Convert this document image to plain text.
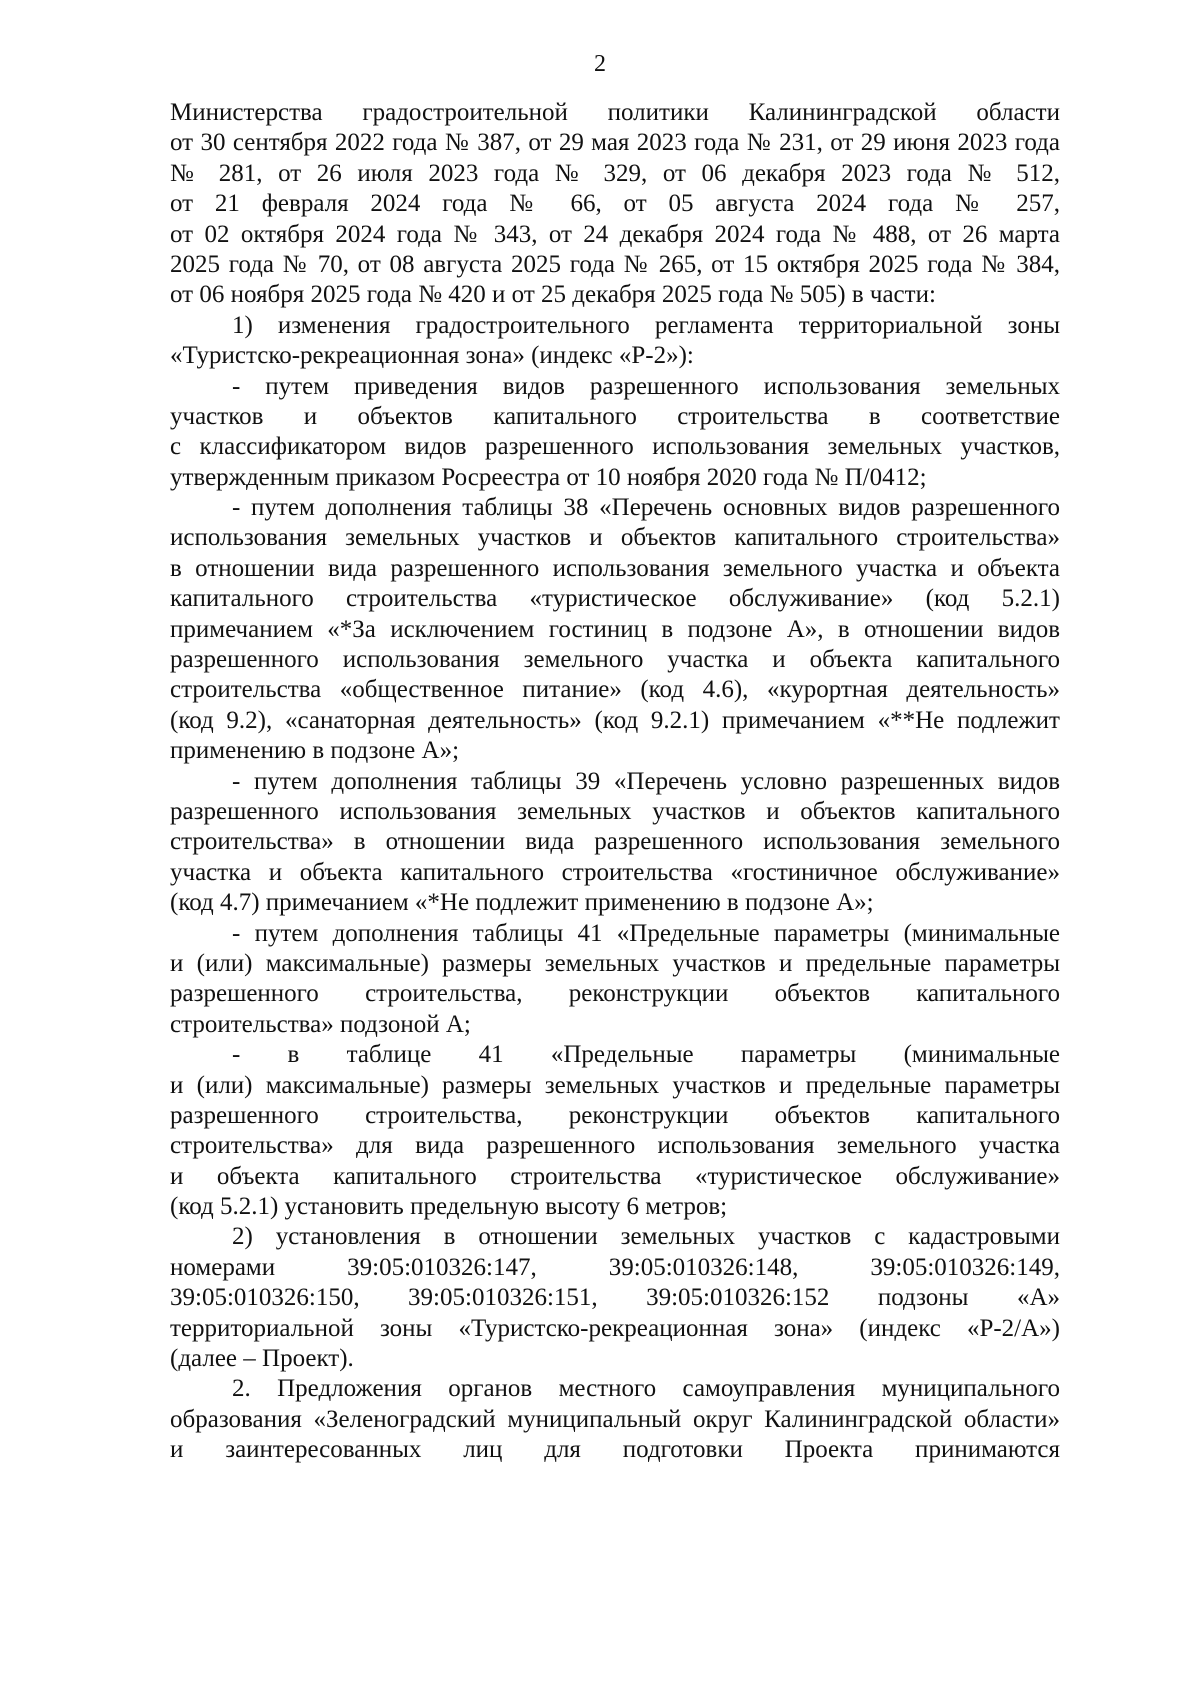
2
Министерства градостроительной политики Калининградской области
от 30 сентября 2022 года № 387, от 29 мая 2023 года № 231, от 29 июня 2023 года
№ 281, от 26 июля 2023 года № 329, от 06 декабря 2023 года № 512,
от 21 февраля 2024 года № 66, от 05 августа 2024 года № 257,
от 02 октября 2024 года № 343, от 24 декабря 2024 года № 488, от 26 марта
2025 года № 70, от 08 августа 2025 года № 265, от 15 октября 2025 года № 384,
от 06 ноября 2025 года № 420 и от 25 декабря 2025 года № 505) в части:
1) изменения градостроительного регламента территориальной зоны
«Туристско-рекреационная зона» (индекс «Р-2»):
- путем приведения видов разрешенного использования земельных
участков и объектов капитального строительства в соответствие
с классификатором видов разрешенного использования земельных участков,
утвержденным приказом Росреестра от 10 ноября 2020 года № П/0412;
- путем дополнения таблицы 38 «Перечень основных видов разрешенного
использования земельных участков и объектов капитального строительства»
в отношении вида разрешенного использования земельного участка и объекта
капитального строительства «туристическое обслуживание» (код 5.2.1)
примечанием «*За исключением гостиниц в подзоне А», в отношении видов
разрешенного использования земельного участка и объекта капитального
строительства «общественное питание» (код 4.6), «курортная деятельность»
(код 9.2), «санаторная деятельность» (код 9.2.1) примечанием «**Не подлежит
применению в подзоне А»;
- путем дополнения таблицы 39 «Перечень условно разрешенных видов
разрешенного использования земельных участков и объектов капитального
строительства» в отношении вида разрешенного использования земельного
участка и объекта капитального строительства «гостиничное обслуживание»
(код 4.7) примечанием «*Не подлежит применению в подзоне А»;
- путем дополнения таблицы 41 «Предельные параметры (минимальные
и (или) максимальные) размеры земельных участков и предельные параметры
разрешенного строительства, реконструкции объектов капитального
строительства» подзоной А;
- в таблице 41 «Предельные параметры (минимальные
и (или) максимальные) размеры земельных участков и предельные параметры
разрешенного строительства, реконструкции объектов капитального
строительства» для вида разрешенного использования земельного участка
и объекта капитального строительства «туристическое обслуживание»
(код 5.2.1) установить предельную высоту 6 метров;
2) установления в отношении земельных участков с кадастровыми
номерами 39:05:010326:147, 39:05:010326:148, 39:05:010326:149,
39:05:010326:150, 39:05:010326:151, 39:05:010326:152 подзоны «А»
территориальной зоны «Туристско-рекреационная зона» (индекс «Р-2/А»)
(далее – Проект).
2. Предложения органов местного самоуправления муниципального
образования «Зеленоградский муниципальный округ Калининградской области»
и заинтересованных лиц для подготовки Проекта принимаются
